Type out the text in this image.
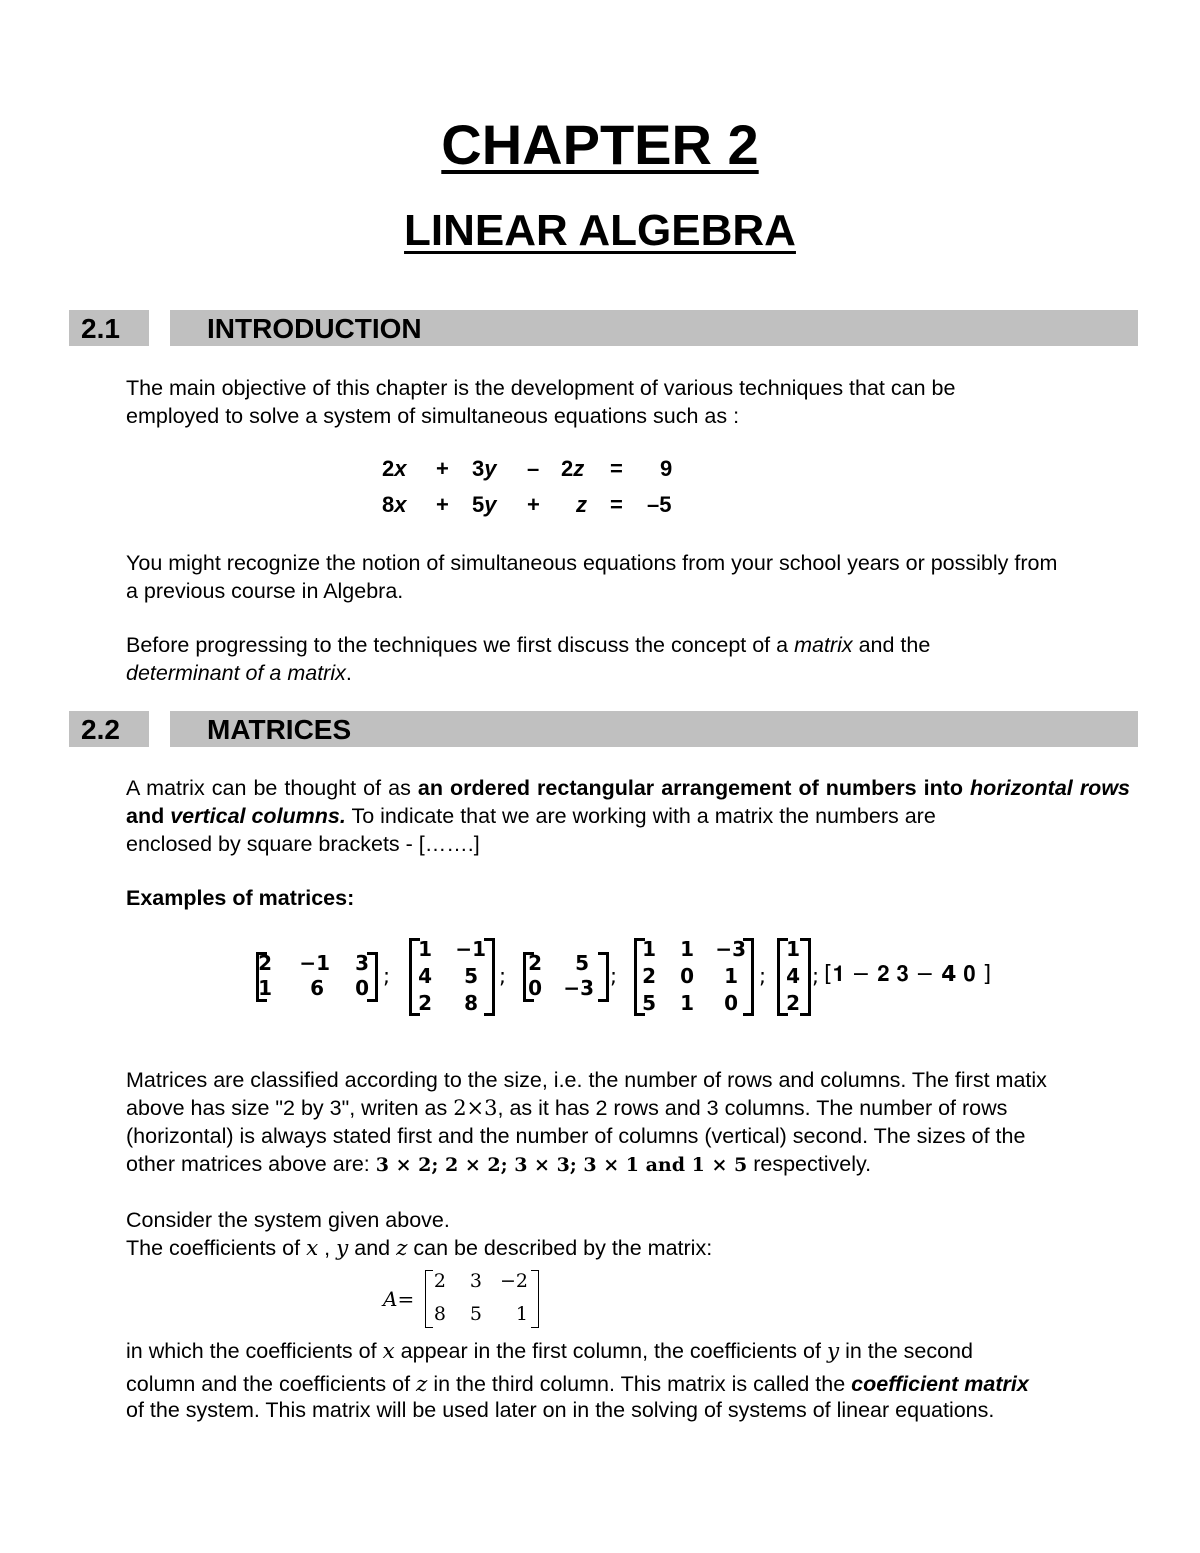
CHAPTER 2
LINEAR ALGEBRA
2.1	INTRODUCTION
The main objective of this chapter is the development of various techniques that can be
employed to solve a system of simultaneous equations such as :
2x + 3y – 2z = 9
8x + 5y + z = –5
You might recognize the notion of simultaneous equations from your school years or possibly from
a previous course in Algebra.
Before progressing to the techniques we first discuss the concept of a matrix and the
determinant of a matrix.
2.2	MATRICES
A matrix can be thought of as an ordered rectangular arrangement of numbers into horizontal rows and vertical columns. To indicate that we are working with a matrix the numbers are
enclosed by square brackets - […….]
Examples of matrices:
2 −1	3
1	6	0 ;
1 −1
4	5
2	8
;
2	5
0 −3 ;
1	1 −3
2	0	1
5	1	0
;
1
4
2
; [𝟏 − 𝟐 𝟑 − 𝟰 𝟎 ]
Matrices are classified according to the size, i.e. the number of rows and columns. The first matix
above has size "2 by 3", writen as 2×3, as it has 2 rows and 3 columns. The number of rows
(horizontal) is always stated first and the number of columns (vertical) second. The sizes of the
other matrices above are: 3 × 2; 2 × 2; 3 × 3; 3 × 1 and 1 × 5 respectively.
Consider the system given above.
The coefficients of x , y and z can be described by the matrix:
A=
2	3 −2
8	5	1
in which the coefficients of x appear in the first column, the coefficients of y in the second
column and the coefficients of z in the third column. This matrix is called the coefficient matrix
of the system. This matrix will be used later on in the solving of systems of linear equations.
